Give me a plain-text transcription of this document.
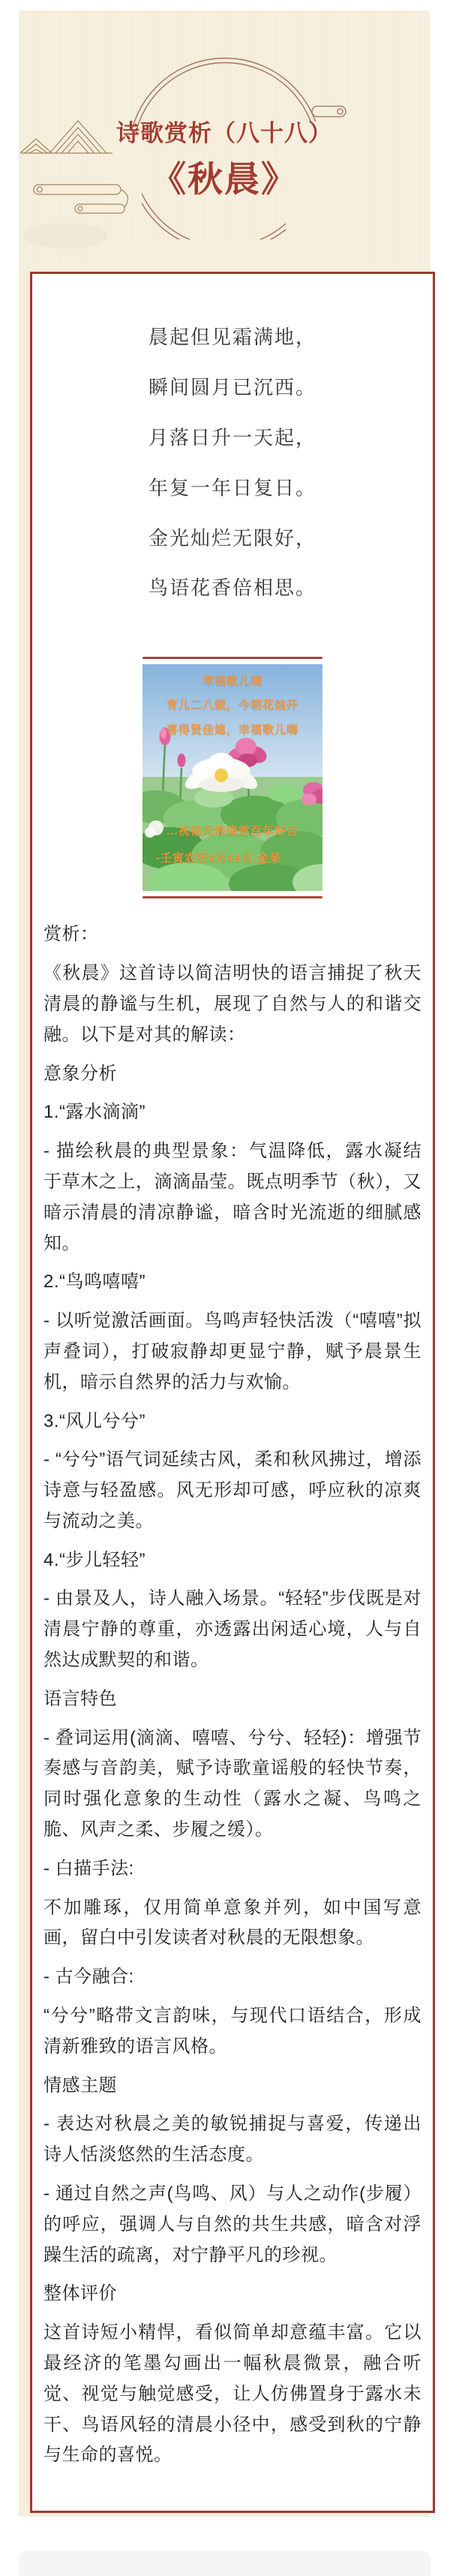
诗歌赏析（八十八）
《秋晨》
晨起但见霜满地，
瞬间圆月已沉西。
月落日升一天起，
年复一年日复日。
金光灿烂无限好，
鸟语花香倍相思。
幸福歌儿嗨
育儿二八载，今朝花烛开
喜得贤佳媳，幸福歌儿嗨
...祝福元培晓雪百年好合
-壬寅农历6月19日.金杲

赏析：

《秋晨》这首诗以简洁明快的语言捕捉了秋天清晨的静谧与生机，展现了自然与人的和谐交融。以下是对其的解读：

意象分析

1.“露水滴滴”

- 描绘秋晨的典型景象：气温降低，露水凝结于草木之上，滴滴晶莹。既点明季节（秋），又暗示清晨的清凉静谧，暗含时光流逝的细腻感知。

2.“鸟鸣嘻嘻”

- 以听觉激活画面。鸟鸣声轻快活泼（“嘻嘻”拟声叠词），打破寂静却更显宁静，赋予晨景生机，暗示自然界的活力与欢愉。

3.“风儿兮兮”

- “兮兮”语气词延续古风，柔和秋风拂过，增添诗意与轻盈感。风无形却可感，呼应秋的凉爽与流动之美。

4.“步儿轻轻”

- 由景及人，诗人融入场景。“轻轻”步伐既是对清晨宁静的尊重，亦透露出闲适心境，人与自然达成默契的和谐。

语言特色

- 叠词运用(滴滴、嘻嘻、兮兮、轻轻)：增强节奏感与音韵美，赋予诗歌童谣般的轻快节奏，同时强化意象的生动性（露水之凝、鸟鸣之脆、风声之柔、步履之缓）。

- 白描手法:

不加雕琢，仅用简单意象并列，如中国写意画，留白中引发读者对秋晨的无限想象。

- 古今融合:

“兮兮”略带文言韵味，与现代口语结合，形成清新雅致的语言风格。

情感主题

- 表达对秋晨之美的敏锐捕捉与喜爱，传递出诗人恬淡悠然的生活态度。

- 通过自然之声(鸟鸣、风）与人之动作(步履）的呼应，强调人与自然的共生共感，暗含对浮躁生活的疏离，对宁静平凡的珍视。

整体评价

这首诗短小精悍，看似简单却意蕴丰富。它以最经济的笔墨勾画出一幅秋晨微景，融合听觉、视觉与触觉感受，让人仿佛置身于露水未干、鸟语风轻的清晨小径中，感受到秋的宁静与生命的喜悦。
